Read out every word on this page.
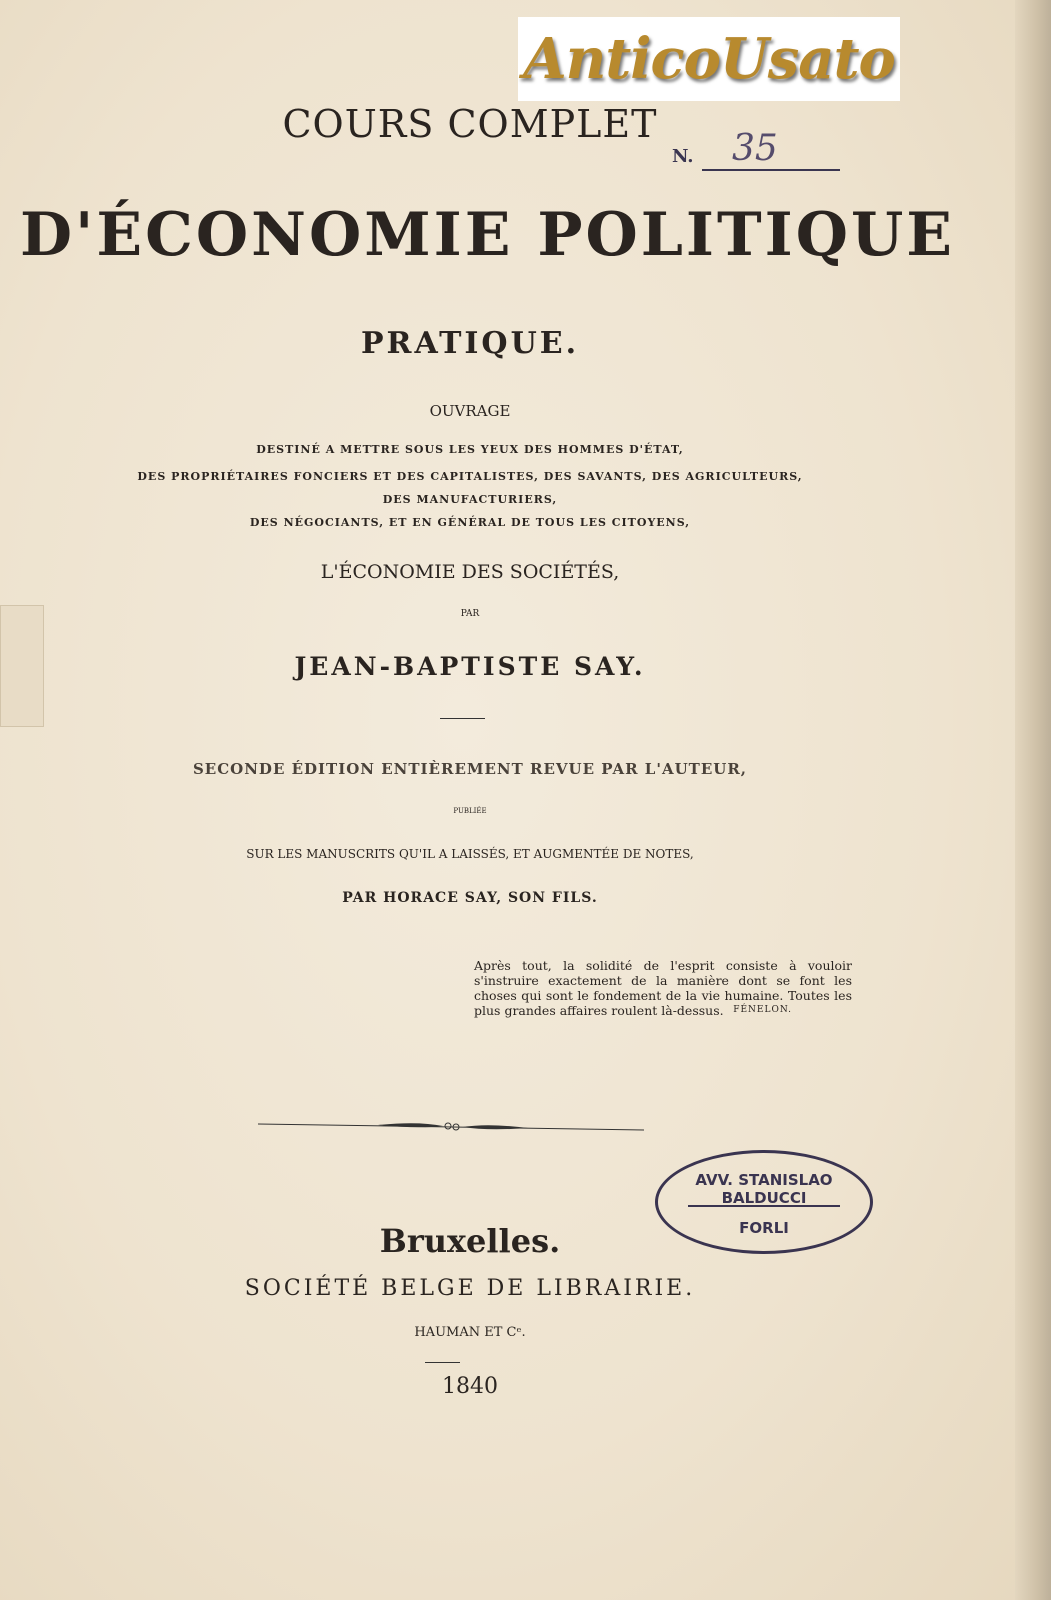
AnticoUsato
N. 35
COURS COMPLET
D'ÉCONOMIE POLITIQUE
PRATIQUE.
OUVRAGE
DESTINÉ A METTRE SOUS LES YEUX DES HOMMES D'ÉTAT,
DES PROPRIÉTAIRES FONCIERS ET DES CAPITALISTES, DES SAVANTS, DES AGRICULTEURS,
DES MANUFACTURIERS,
DES NÉGOCIANTS, ET EN GÉNÉRAL DE TOUS LES CITOYENS,
L'ÉCONOMIE DES SOCIÉTÉS,
PAR
JEAN-BAPTISTE SAY.
SECONDE ÉDITION ENTIÈREMENT REVUE PAR L'AUTEUR,
PUBLIÉE
SUR LES MANUSCRITS QU'IL A LAISSÉS, ET AUGMENTÉE DE NOTES,
PAR HORACE SAY, SON FILS.
Après tout, la solidité de l'esprit consiste à vouloir s'instruire exactement de la manière dont se font les choses qui sont le fondement de la vie humaine. Toutes les plus grandes affaires roulent là-dessus. FÉNELON.
AVV. STANISLAO BALDUCCI
FORLI
Bruxelles.
SOCIÉTÉ BELGE DE LIBRAIRIE.
HAUMAN ET Cᵉ.
1840
